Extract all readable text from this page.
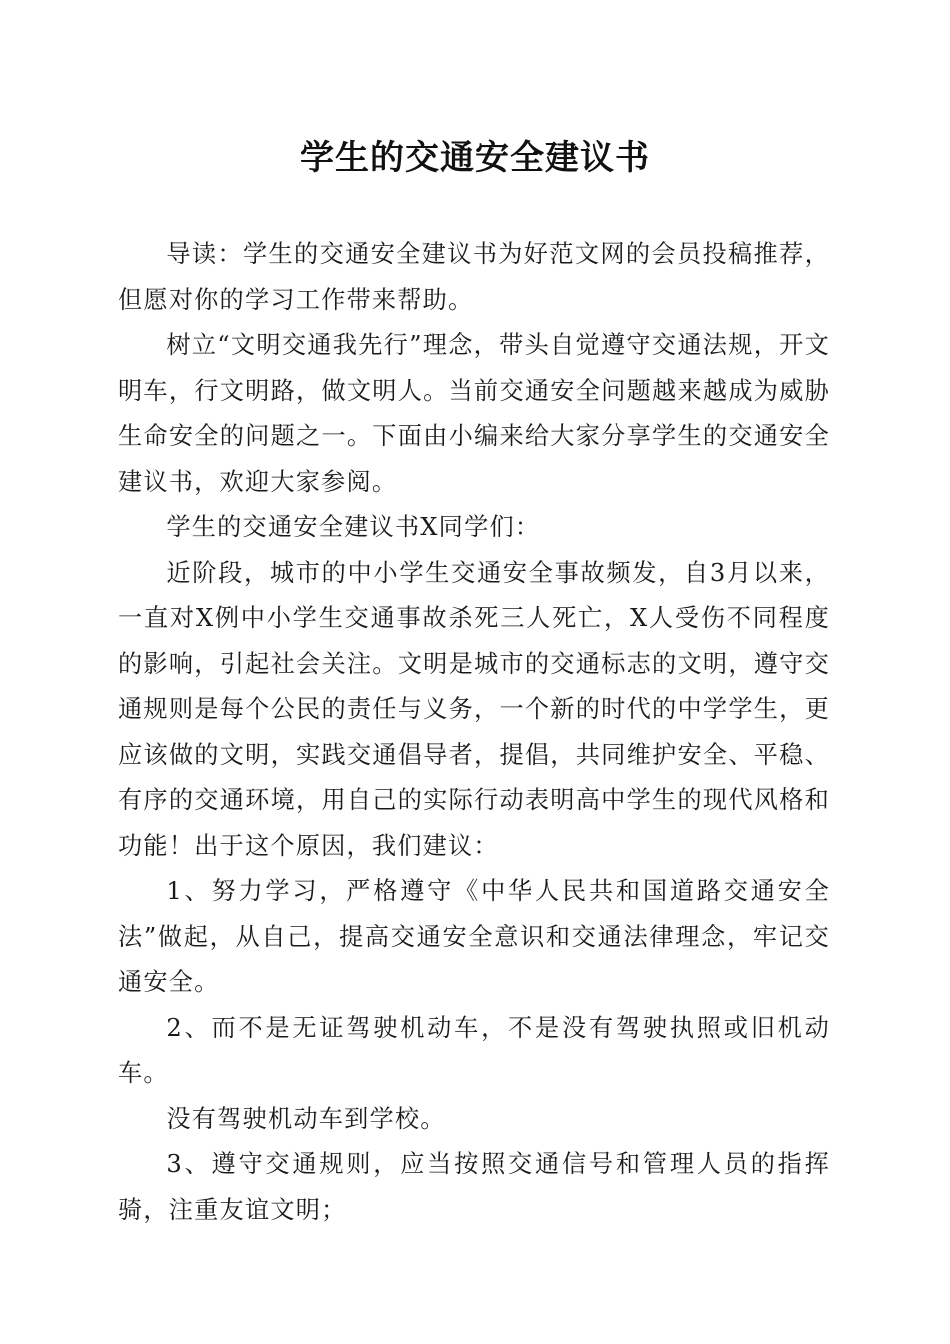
学生的交通安全建议书

导读：学生的交通安全建议书为好范文网的会员投稿推荐，但愿对你的学习工作带来帮助。

树立“文明交通我先行”理念，带头自觉遵守交通法规，开文明车，行文明路，做文明人。当前交通安全问题越来越成为威胁生命安全的问题之一。下面由小编来给大家分享学生的交通安全建议书，欢迎大家参阅。

学生的交通安全建议书X同学们：

近阶段，城市的中小学生交通安全事故频发，自3月以来，一直对X例中小学生交通事故杀死三人死亡，X人受伤不同程度的影响，引起社会关注。文明是城市的交通标志的文明，遵守交通规则是每个公民的责任与义务，一个新的时代的中学学生，更应该做的文明，实践交通倡导者，提倡，共同维护安全、平稳、有序的交通环境，用自己的实际行动表明高中学生的现代风格和功能！出于这个原因，我们建议：

1、努力学习，严格遵守《中华人民共和国道路交通安全法”做起，从自己，提高交通安全意识和交通法律理念，牢记交通安全。

2、而不是无证驾驶机动车，不是没有驾驶执照或旧机动车。

没有驾驶机动车到学校。

3、遵守交通规则，应当按照交通信号和管理人员的指挥骑，注重友谊文明；
